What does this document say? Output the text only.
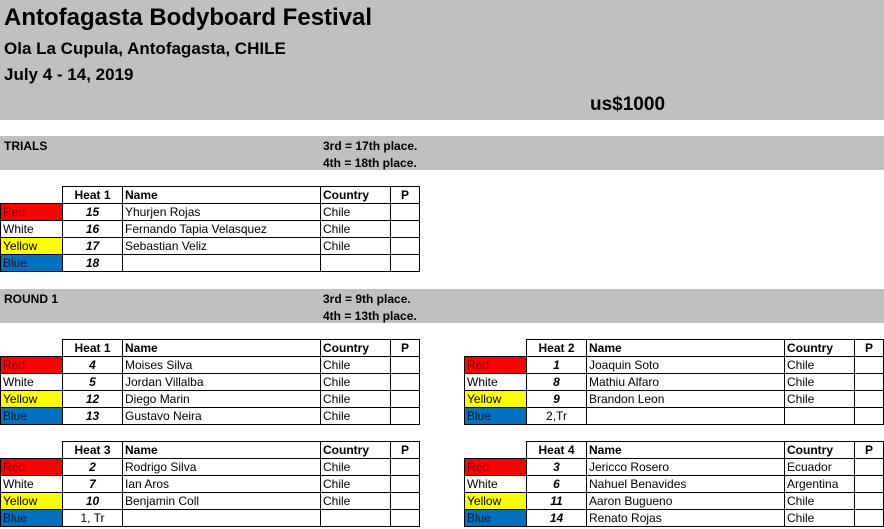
Antofagasta Bodyboard Festival
Ola La Cupula, Antofagasta, CHILE
July 4 - 14, 2019
us$1000
TRIALS	3rd = 17th place.
4th = 18th place.
ROUND 1	3rd = 9th place.
4th = 13th place.
	Heat 1	Name	Country	P
Red	15	Yhurjen Rojas	Chile	
White	16	Fernando Tapia Velasquez	Chile	
Yellow	17	Sebastian Veliz	Chile	
Blue	18			
	Heat 1	Name	Country	P
Red	4	Moises Silva	Chile	
White	5	Jordan Villalba	Chile	
Yellow	12	Diego Marin	Chile	
Blue	13	Gustavo Neira	Chile	
	Heat 2	Name	Country	P
Red	1	Joaquin Soto	Chile	
White	8	Mathiu Alfaro	Chile	
Yellow	9	Brandon Leon	Chile	
Blue	2,Tr			
	Heat 3	Name	Country	P
Red	2	Rodrigo Silva	Chile	
White	7	Ian Aros	Chile	
Yellow	10	Benjamin Coll	Chile	
Blue	1, Tr			
	Heat 4	Name	Country	P
Red	3	Jericco Rosero	Ecuador	
White	6	Nahuel Benavides	Argentina	
Yellow	11	Aaron Bugueno	Chile	
Blue	14	Renato Rojas	Chile	
